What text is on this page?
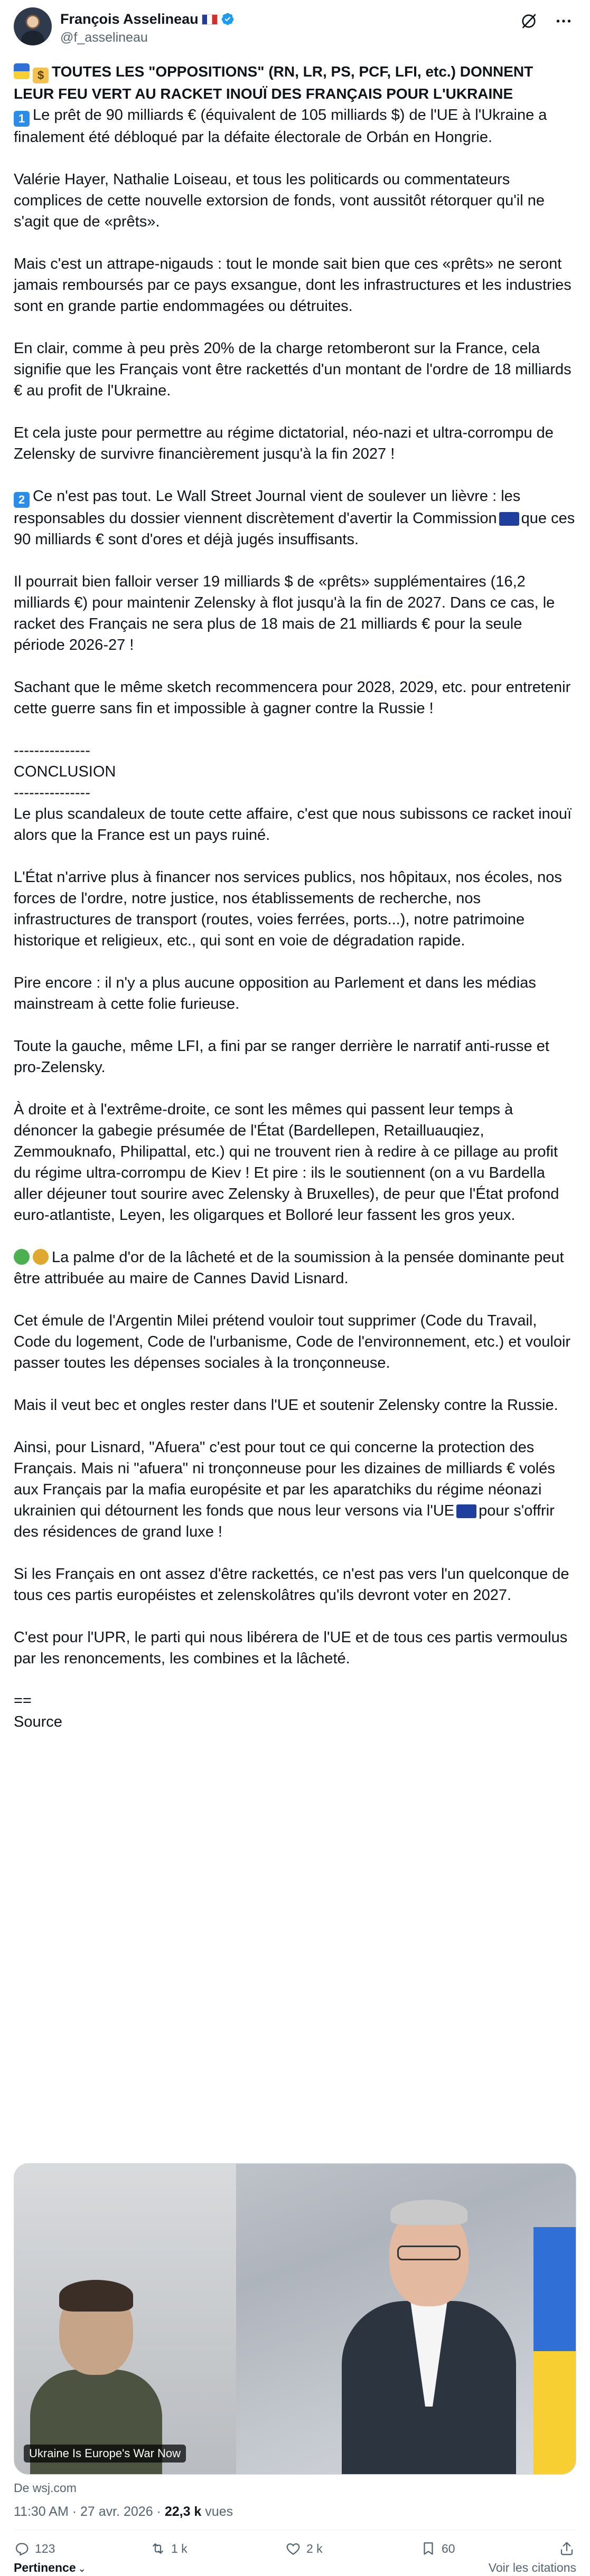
François Asselineau
@f_asselineau

$ TOUTES LES "OPPOSITIONS" (RN, LR, PS, PCF, LFI, etc.) DONNENT LEUR FEU VERT AU RACKET INOUÏ DES FRANÇAIS POUR L'UKRAINE

1 Le prêt de 90 milliards € (équivalent de 105 milliards $) de l'UE à l'Ukraine a finalement été débloqué par la défaite électorale de Orbán en Hongrie.

Valérie Hayer, Nathalie Loiseau, et tous les politicards ou commentateurs complices de cette nouvelle extorsion de fonds, vont aussitôt rétorquer qu'il ne s'agit que de «prêts».

Mais c'est un attrape-nigauds : tout le monde sait bien que ces «prêts» ne seront jamais remboursés par ce pays exsangue, dont les infrastructures et les industries sont en grande partie endommagées ou détruites.

En clair, comme à peu près 20% de la charge retomberont sur la France, cela signifie que les Français vont être rackettés d'un montant de l'ordre de 18 milliards € au profit de l'Ukraine.

Et cela juste pour permettre au régime dictatorial, néo-nazi et ultra-corrompu de Zelensky de survivre financièrement jusqu'à la fin 2027 !

2 Ce n'est pas tout. Le Wall Street Journal vient de soulever un lièvre : les responsables du dossier viennent discrètement d'avertir la Commission que ces 90 milliards € sont d'ores et déjà jugés insuffisants.

Il pourrait bien falloir verser 19 milliards $ de «prêts» supplémentaires (16,2 milliards €) pour maintenir Zelensky à flot jusqu'à la fin de 2027. Dans ce cas, le racket des Français ne sera plus de 18 mais de 21 milliards € pour la seule période 2026-27 !

Sachant que le même sketch recommencera pour 2028, 2029, etc. pour entretenir cette guerre sans fin et impossible à gagner contre la Russie !

---------------
CONCLUSION
---------------
Le plus scandaleux de toute cette affaire, c'est que nous subissons ce racket inouï alors que la France est un pays ruiné.

L'État n'arrive plus à financer nos services publics, nos hôpitaux, nos écoles, nos forces de l'ordre, notre justice, nos établissements de recherche, nos infrastructures de transport (routes, voies ferrées, ports...), notre patrimoine historique et religieux, etc., qui sont en voie de dégradation rapide.

Pire encore : il n'y a plus aucune opposition au Parlement et dans les médias mainstream à cette folie furieuse.

Toute la gauche, même LFI, a fini par se ranger derrière le narratif anti-russe et pro-Zelensky.

À droite et à l'extrême-droite, ce sont les mêmes qui passent leur temps à dénoncer la gabegie présumée de l'État (Bardellepen, Retailluauqiez, Zemmouknafo, Philipattal, etc.) qui ne trouvent rien à redire à ce pillage au profit du régime ultra-corrompu de Kiev ! Et pire : ils le soutiennent (on a vu Bardella aller déjeuner tout sourire avec Zelensky à Bruxelles), de peur que l'État profond euro-atlantiste, Leyen, les oligarques et Bolloré leur fassent les gros yeux.

La palme d'or de la lâcheté et de la soumission à la pensée dominante peut être attribuée au maire de Cannes David Lisnard.

Cet émule de l'Argentin Milei prétend vouloir tout supprimer (Code du Travail, Code du logement, Code de l'urbanisme, Code de l'environnement, etc.) et vouloir passer toutes les dépenses sociales à la tronçonneuse.

Mais il veut bec et ongles rester dans l'UE et soutenir Zelensky contre la Russie.

Ainsi, pour Lisnard, "Afuera" c'est pour tout ce qui concerne la protection des Français. Mais ni "afuera" ni tronçonneuse pour les dizaines de milliards € volés aux Français par la mafia europésite et par les aparatchiks du régime néonazi ukrainien qui détournent les fonds que nous leur versons via l'UE pour s'offrir des résidences de grand luxe !

Si les Français en ont assez d'être rackettés, ce n'est pas vers l'un quelconque de tous ces partis européistes et zelenskolâtres qu'ils devront voter en 2027.

C'est pour l'UPR, le parti qui nous libérera de l'UE et de tous ces partis vermoulus par les renoncements, les combines et la lâcheté.

==
Source

Ukraine Is Europe's War Now
De wsj.com
11:30 AM · 27 avr. 2026 · 22,3 k vues
123	1 k	2 k	60
Pertinence ⌄	Voir les citations
